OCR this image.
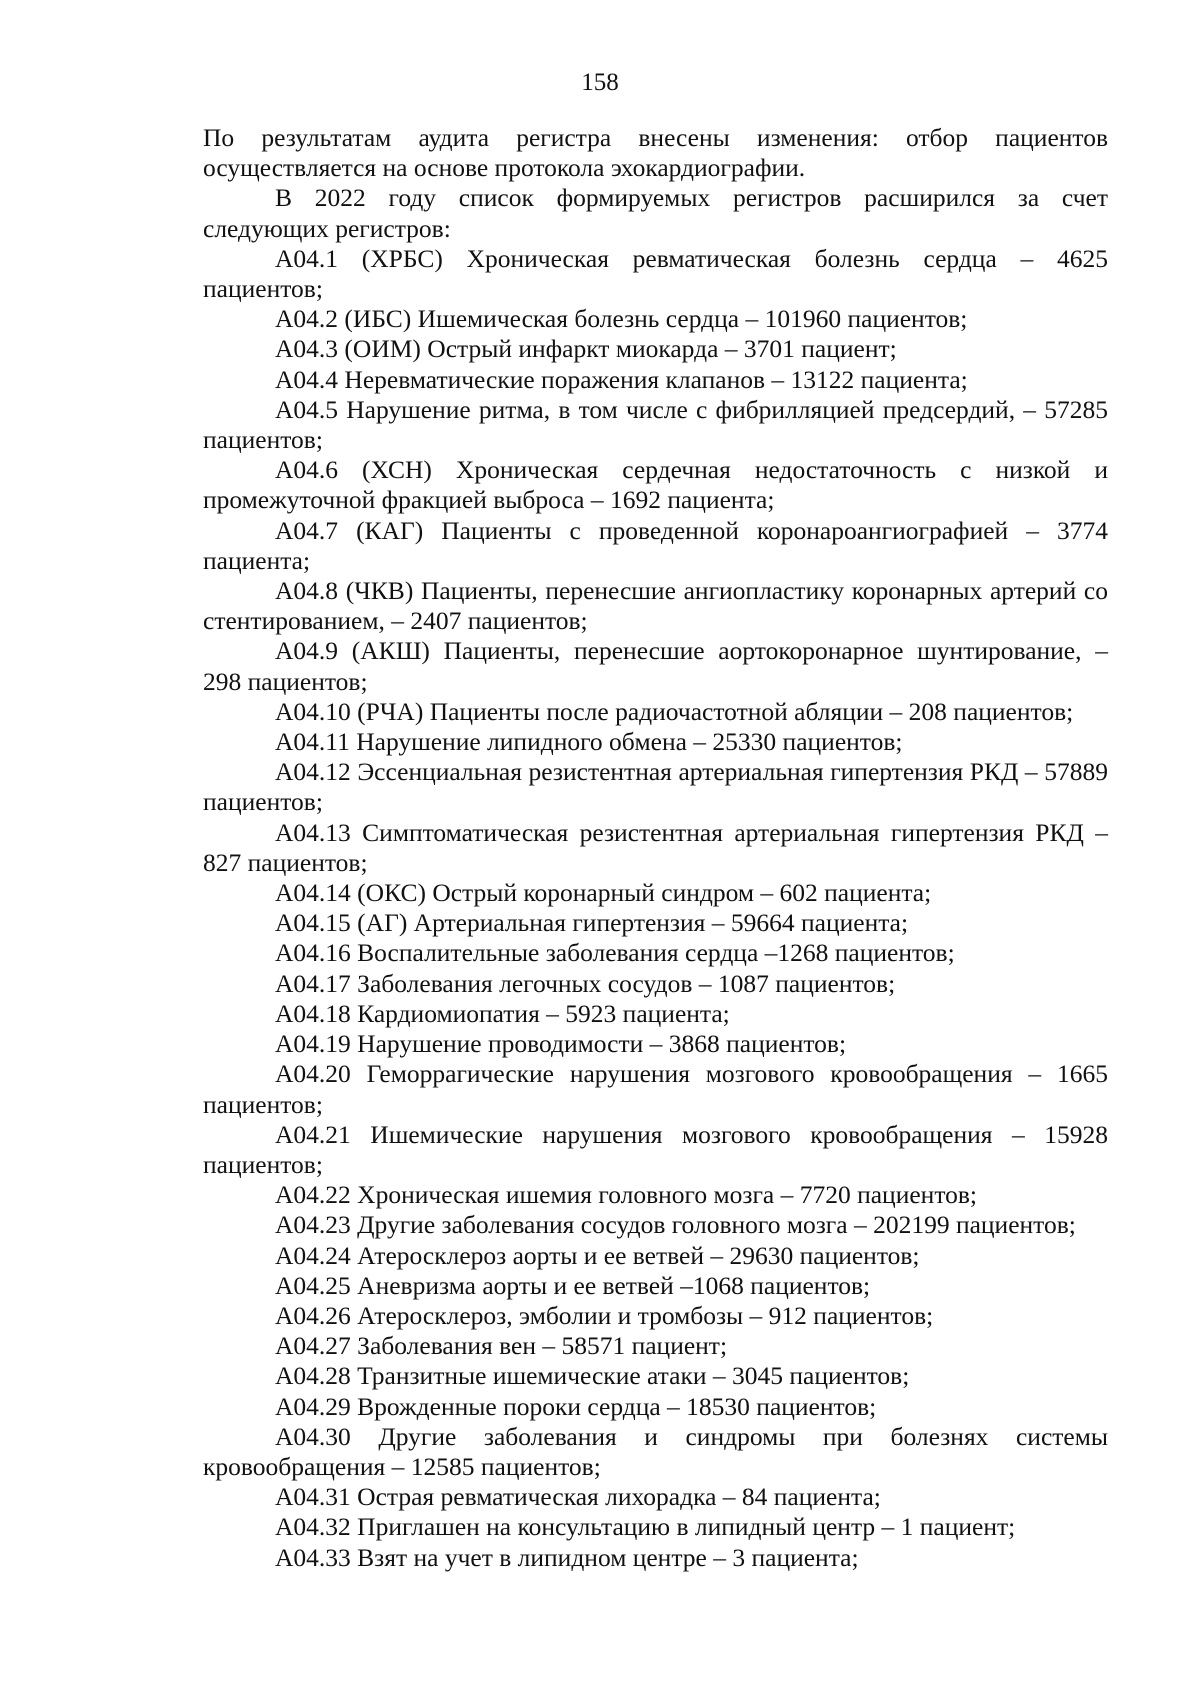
158

По результатам аудита регистра внесены изменения: отбор пациентов осуществляется на основе протокола эхокардиографии.

В 2022 году список формируемых регистров расширился за счет следующих регистров:

А04.1 (ХРБС) Хроническая ревматическая болезнь сердца – 4625 пациентов;

А04.2 (ИБС) Ишемическая болезнь сердца – 101960 пациентов;

А04.3 (ОИМ) Острый инфаркт миокарда – 3701 пациент;

А04.4 Неревматические поражения клапанов – 13122 пациента;

А04.5 Нарушение ритма, в том числе с фибрилляцией предсердий, – 57285 пациентов;

А04.6 (ХСН) Хроническая сердечная недостаточность с низкой и промежуточной фракцией выброса – 1692 пациента;

А04.7 (КАГ) Пациенты с проведенной коронароангиографией – 3774 пациента;

А04.8 (ЧКВ) Пациенты, перенесшие ангиопластику коронарных артерий со стентированием, – 2407 пациентов;

А04.9 (АКШ) Пациенты, перенесшие аортокоронарное шунтирование, – 298 пациентов;

А04.10 (РЧА) Пациенты после радиочастотной абляции – 208 пациентов;

А04.11 Нарушение липидного обмена – 25330 пациентов;

А04.12 Эссенциальная резистентная артериальная гипертензия РКД – 57889 пациентов;

А04.13 Симптоматическая резистентная артериальная гипертензия РКД – 827 пациентов;

А04.14 (ОКС) Острый коронарный синдром – 602 пациента;

А04.15 (АГ) Артериальная гипертензия – 59664 пациента;

А04.16 Воспалительные заболевания сердца –1268 пациентов;

А04.17 Заболевания легочных сосудов – 1087 пациентов;

А04.18 Кардиомиопатия – 5923 пациента;

А04.19 Нарушение проводимости – 3868 пациентов;

А04.20 Геморрагические нарушения мозгового кровообращения – 1665 пациентов;

А04.21 Ишемические нарушения мозгового кровообращения – 15928 пациентов;

А04.22 Хроническая ишемия головного мозга – 7720 пациентов;

А04.23 Другие заболевания сосудов головного мозга – 202199 пациентов;

А04.24 Атеросклероз аорты и ее ветвей – 29630 пациентов;

А04.25 Аневризма аорты и ее ветвей –1068 пациентов;

А04.26 Атеросклероз, эмболии и тромбозы – 912 пациентов;

А04.27 Заболевания вен – 58571 пациент;

А04.28 Транзитные ишемические атаки – 3045 пациентов;

А04.29 Врожденные пороки сердца – 18530 пациентов;

А04.30 Другие заболевания и синдромы при болезнях системы кровообращения – 12585 пациентов;

А04.31 Острая ревматическая лихорадка – 84 пациента;

А04.32 Приглашен на консультацию в липидный центр – 1 пациент;

А04.33 Взят на учет в липидном центре – 3 пациента;
